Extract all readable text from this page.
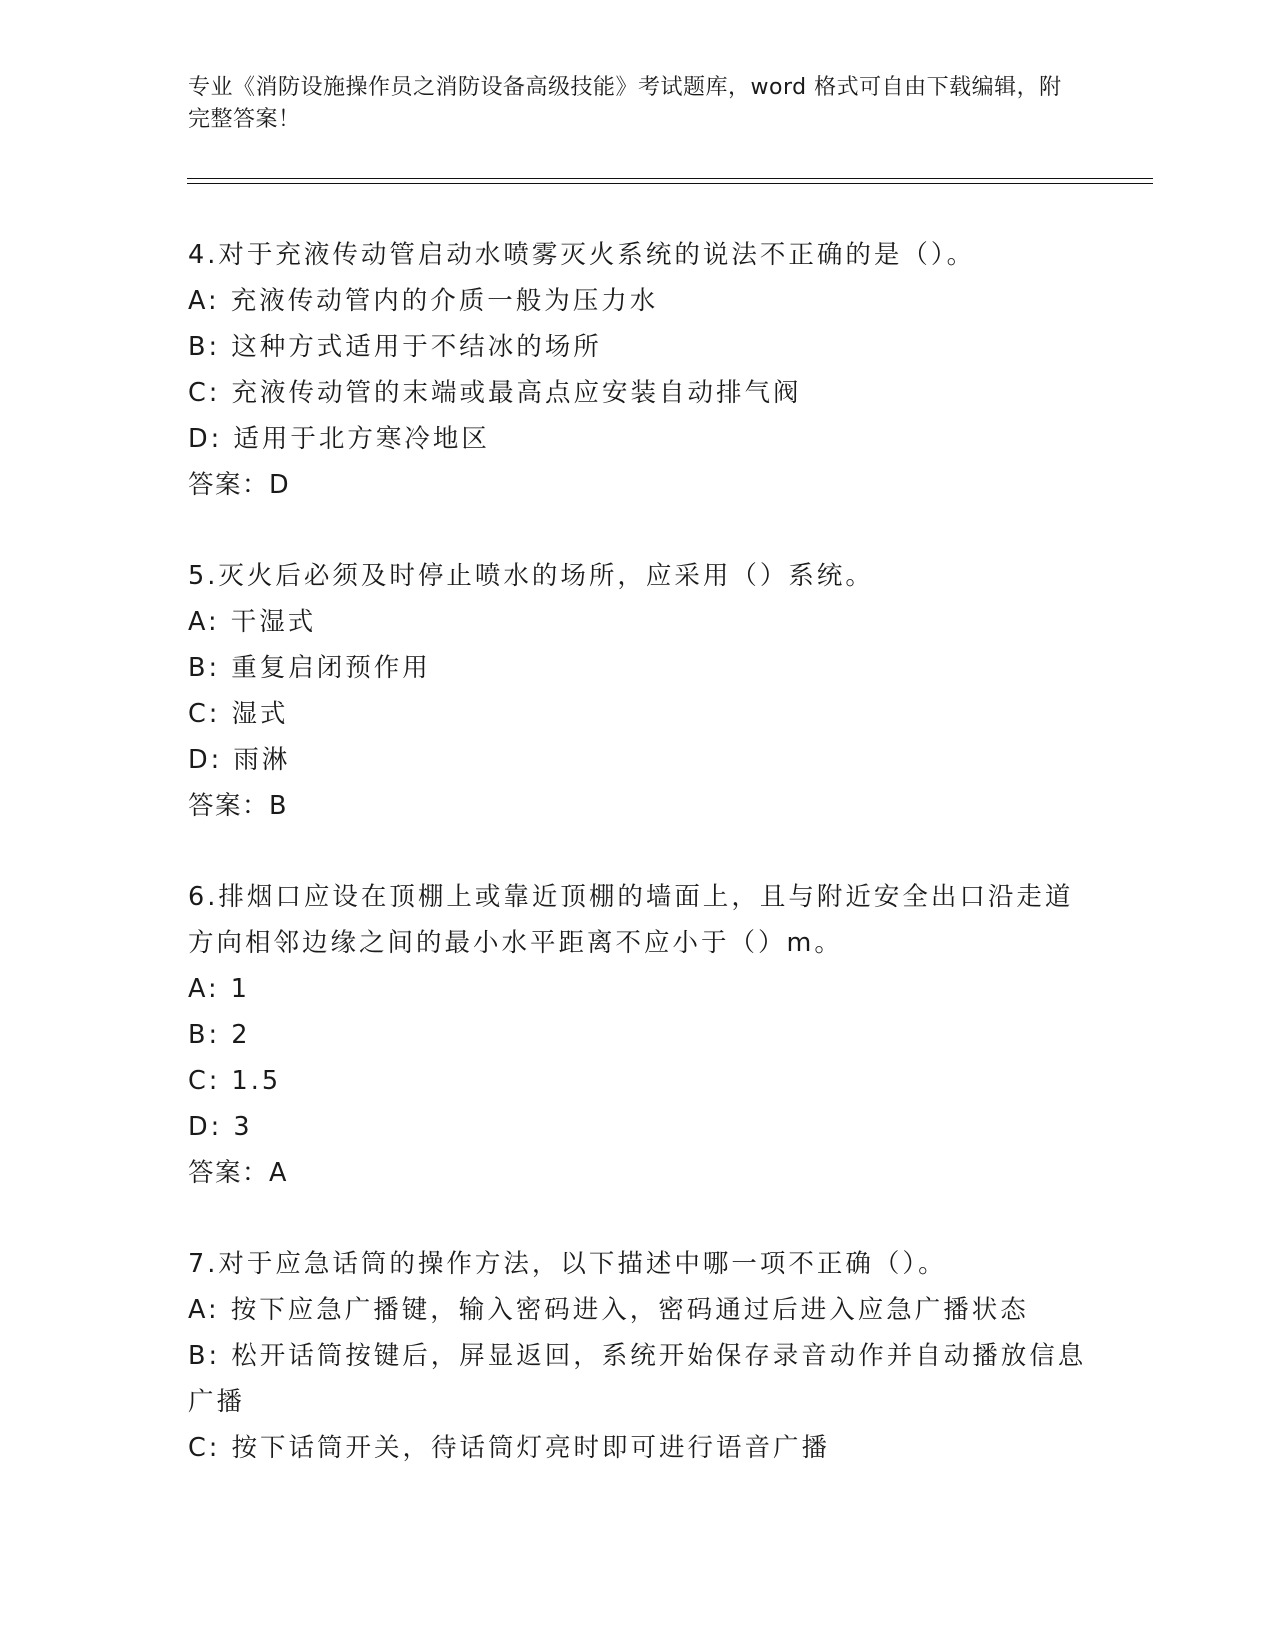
专业《消防设施操作员之消防设备高级技能》考试题库，word 格式可自由下载编辑，附完整答案！
4.对于充液传动管启动水喷雾灭火系统的说法不正确的是（）。
A: 充液传动管内的介质一般为压力水
B: 这种方式适用于不结冰的场所
C: 充液传动管的末端或最高点应安装自动排气阀
D: 适用于北方寒冷地区
答案：D
5.灭火后必须及时停止喷水的场所，应采用（）系统。
A: 干湿式
B: 重复启闭预作用
C: 湿式
D: 雨淋
答案：B
6.排烟口应设在顶棚上或靠近顶棚的墙面上，且与附近安全出口沿走道方向相邻边缘之间的最小水平距离不应小于（）m。
A: 1
B: 2
C: 1.5
D: 3
答案：A
7.对于应急话筒的操作方法，以下描述中哪一项不正确（）。
A: 按下应急广播键，输入密码进入，密码通过后进入应急广播状态
B: 松开话筒按键后，屏显返回，系统开始保存录音动作并自动播放信息广播
C: 按下话筒开关，待话筒灯亮时即可进行语音广播
